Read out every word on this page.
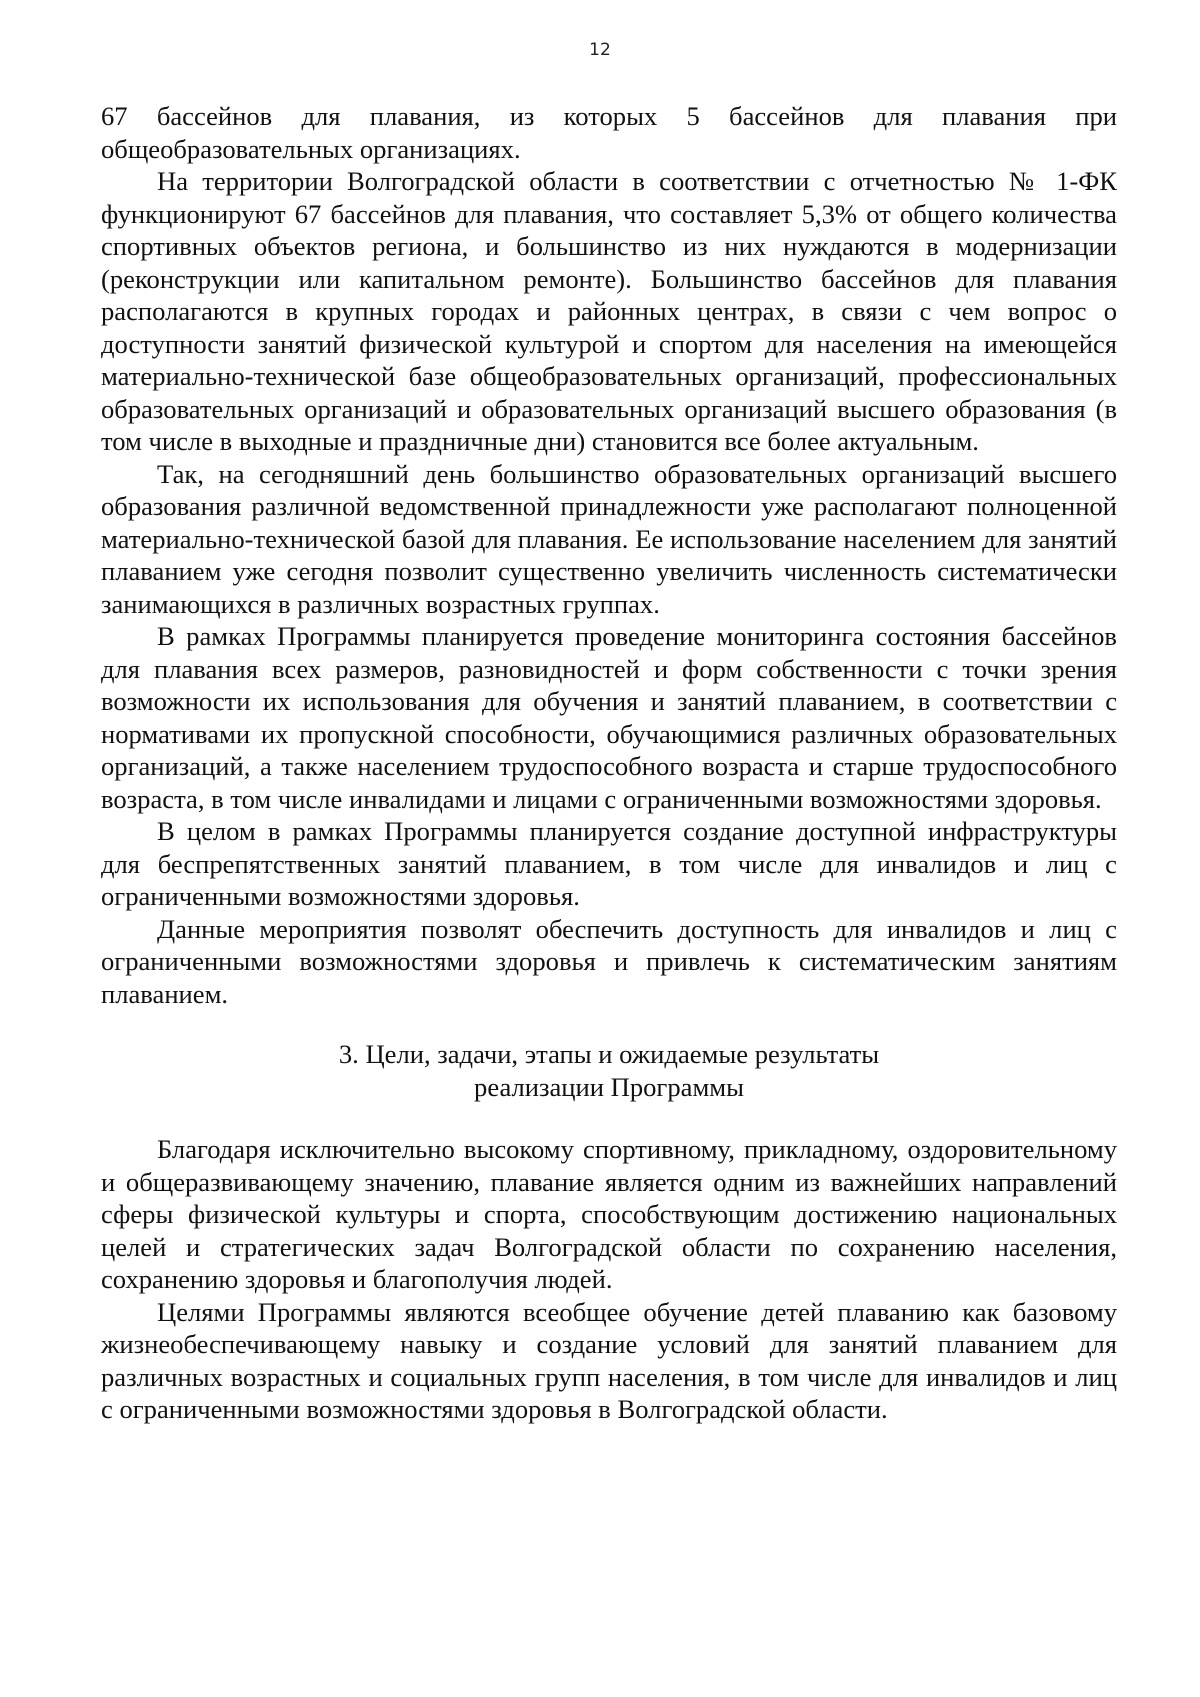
12

67 бассейнов для плавания, из которых 5 бассейнов для плавания при общеобразовательных организациях.

На территории Волгоградской области в соответствии с отчетностью № 1-ФК функционируют 67 бассейнов для плавания, что составляет 5,3% от общего количества спортивных объектов региона, и большинство из них нуждаются в модернизации (реконструкции или капитальном ремонте). Большинство бассейнов для плавания располагаются в крупных городах и районных центрах, в связи с чем вопрос о доступности занятий физической культурой и спортом для населения на имеющейся материально-технической базе общеобразовательных организаций, профессиональных образовательных организаций и образовательных организаций высшего образования (в том числе в выходные и праздничные дни) становится все более актуальным.

Так, на сегодняшний день большинство образовательных организаций высшего образования различной ведомственной принадлежности уже располагают полноценной материально-технической базой для плавания. Ее использование населением для занятий плаванием уже сегодня позволит существенно увеличить численность систематически занимающихся в различных возрастных группах.

В рамках Программы планируется проведение мониторинга состояния бассейнов для плавания всех размеров, разновидностей и форм собственности с точки зрения возможности их использования для обучения и занятий плаванием, в соответствии с нормативами их пропускной способности, обучающимися различных образовательных организаций, а также населением трудоспособного возраста и старше трудоспособного возраста, в том числе инвалидами и лицами с ограниченными возможностями здоровья.

В целом в рамках Программы планируется создание доступной инфраструктуры для беспрепятственных занятий плаванием, в том числе для инвалидов и лиц с ограниченными возможностями здоровья.

Данные мероприятия позволят обеспечить доступность для инвалидов и лиц с ограниченными возможностями здоровья и привлечь к систематическим занятиям плаванием.

3. Цели, задачи, этапы и ожидаемые результаты
реализации Программы

Благодаря исключительно высокому спортивному, прикладному, оздоровительному и общеразвивающему значению, плавание является одним из важнейших направлений сферы физической культуры и спорта, способствующим достижению национальных целей и стратегических задач Волгоградской области по сохранению населения, сохранению здоровья и благополучия людей.

Целями Программы являются всеобщее обучение детей плаванию как базовому жизнеобеспечивающему навыку и создание условий для занятий плаванием для различных возрастных и социальных групп населения, в том числе для инвалидов и лиц с ограниченными возможностями здоровья в Волгоградской области.
